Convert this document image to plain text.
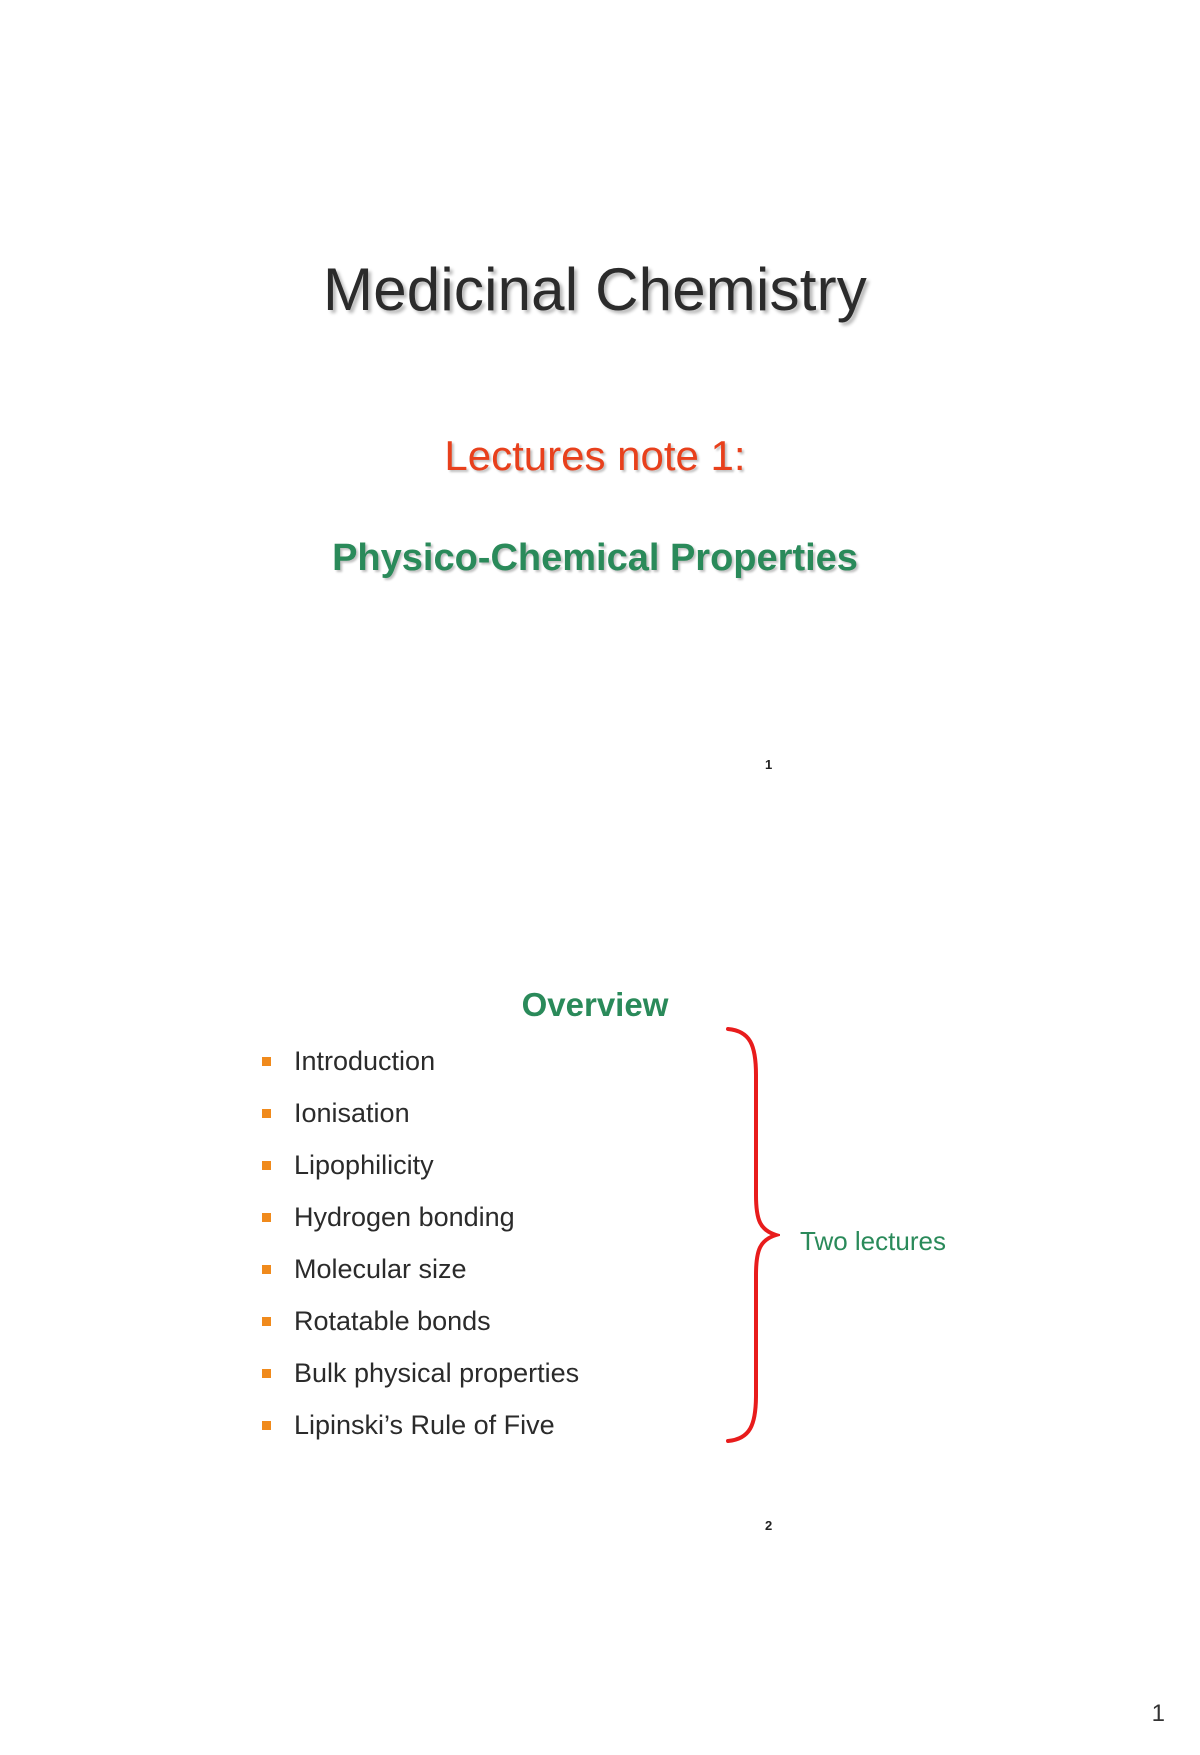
Medicinal Chemistry
Lectures note 1:
Physico-Chemical Properties
1
Overview
Introduction
Ionisation
Lipophilicity
Hydrogen bonding
Molecular size
Rotatable bonds
Bulk physical properties
Lipinski’s Rule of Five
Two lectures
2
1
